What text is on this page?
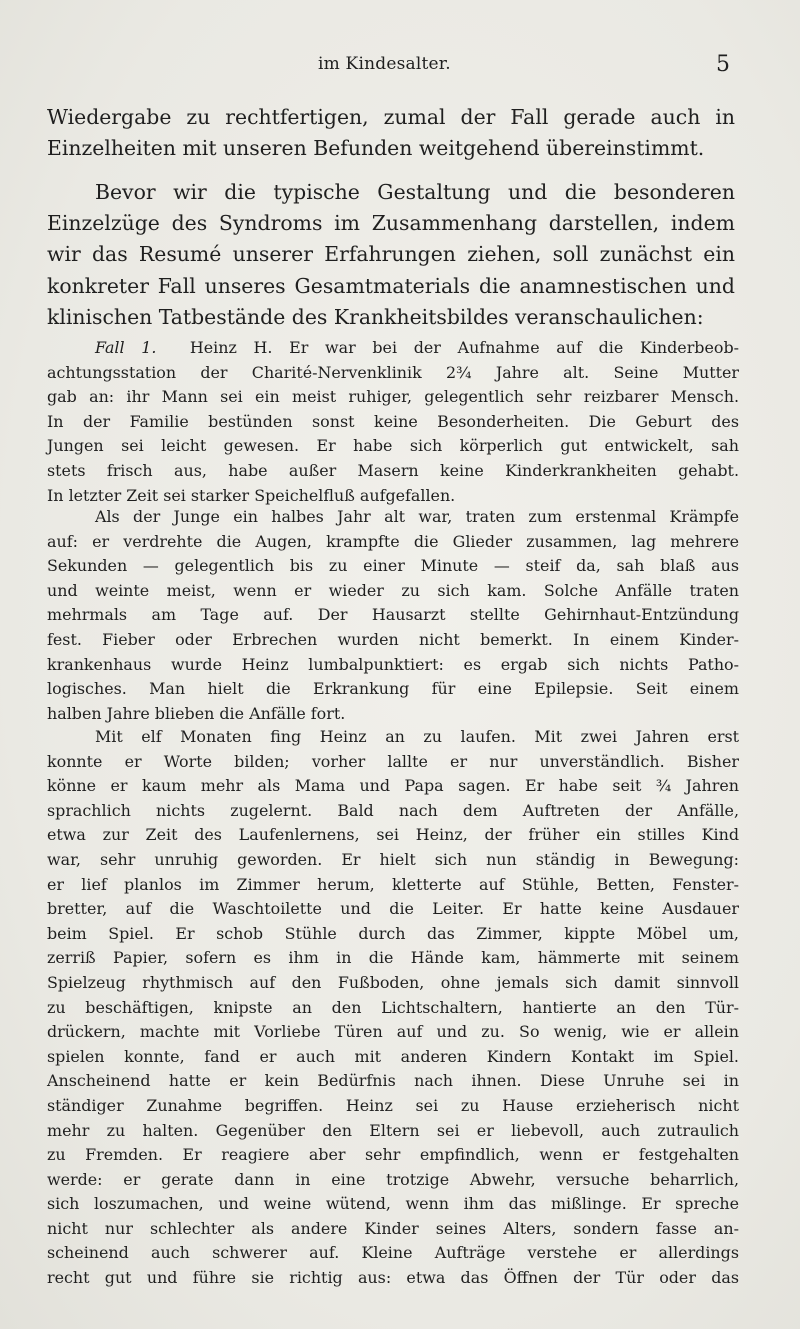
im Kindesalter.	5
Wiedergabe zu rechtfertigen, zumal der Fall gerade auch in
Einzelheiten mit unseren Befunden weitgehend übereinstimmt.
Bevor wir die typische Gestaltung und die besonderen
Einzelzüge des Syndroms im Zusammenhang darstellen, indem
wir das Resumé unserer Erfahrungen ziehen, soll zunächst ein
konkreter Fall unseres Gesamtmaterials die anamnestischen und
klinischen Tatbestände des Krankheitsbildes veranschaulichen:
Fall 1. Heinz H. Er war bei der Aufnahme auf die Kinderbeob-
achtungsstation der Charité-Nervenklinik 2¾ Jahre alt. Seine Mutter
gab an: ihr Mann sei ein meist ruhiger, gelegentlich sehr reizbarer Mensch.
In der Familie bestünden sonst keine Besonderheiten. Die Geburt des
Jungen sei leicht gewesen. Er habe sich körperlich gut entwickelt, sah
stets frisch aus, habe außer Masern keine Kinderkrankheiten gehabt.
In letzter Zeit sei starker Speichelfluß aufgefallen.
Als der Junge ein halbes Jahr alt war, traten zum erstenmal Krämpfe
auf: er verdrehte die Augen, krampfte die Glieder zusammen, lag mehrere
Sekunden — gelegentlich bis zu einer Minute — steif da, sah blaß aus
und weinte meist, wenn er wieder zu sich kam. Solche Anfälle traten
mehrmals am Tage auf. Der Hausarzt stellte Gehirnhaut-Entzündung
fest. Fieber oder Erbrechen wurden nicht bemerkt. In einem Kinder-
krankenhaus wurde Heinz lumbalpunktiert: es ergab sich nichts Patho-
logisches. Man hielt die Erkrankung für eine Epilepsie. Seit einem
halben Jahre blieben die Anfälle fort.
Mit elf Monaten fing Heinz an zu laufen. Mit zwei Jahren erst
konnte er Worte bilden; vorher lallte er nur unverständlich. Bisher
könne er kaum mehr als Mama und Papa sagen. Er habe seit ¾ Jahren
sprachlich nichts zugelernt. Bald nach dem Auftreten der Anfälle,
etwa zur Zeit des Laufenlernens, sei Heinz, der früher ein stilles Kind
war, sehr unruhig geworden. Er hielt sich nun ständig in Bewegung:
er lief planlos im Zimmer herum, kletterte auf Stühle, Betten, Fenster-
bretter, auf die Waschtoilette und die Leiter. Er hatte keine Ausdauer
beim Spiel. Er schob Stühle durch das Zimmer, kippte Möbel um,
zerriß Papier, sofern es ihm in die Hände kam, hämmerte mit seinem
Spielzeug rhythmisch auf den Fußboden, ohne jemals sich damit sinnvoll
zu beschäftigen, knipste an den Lichtschaltern, hantierte an den Tür-
drückern, machte mit Vorliebe Türen auf und zu. So wenig, wie er allein
spielen konnte, fand er auch mit anderen Kindern Kontakt im Spiel.
Anscheinend hatte er kein Bedürfnis nach ihnen. Diese Unruhe sei in
ständiger Zunahme begriffen. Heinz sei zu Hause erzieherisch nicht
mehr zu halten. Gegenüber den Eltern sei er liebevoll, auch zutraulich
zu Fremden. Er reagiere aber sehr empfindlich, wenn er festgehalten
werde: er gerate dann in eine trotzige Abwehr, versuche beharrlich,
sich loszumachen, und weine wütend, wenn ihm das mißlinge. Er spreche
nicht nur schlechter als andere Kinder seines Alters, sondern fasse an-
scheinend auch schwerer auf. Kleine Aufträge verstehe er allerdings
recht gut und führe sie richtig aus: etwa das Öffnen der Tür oder das
